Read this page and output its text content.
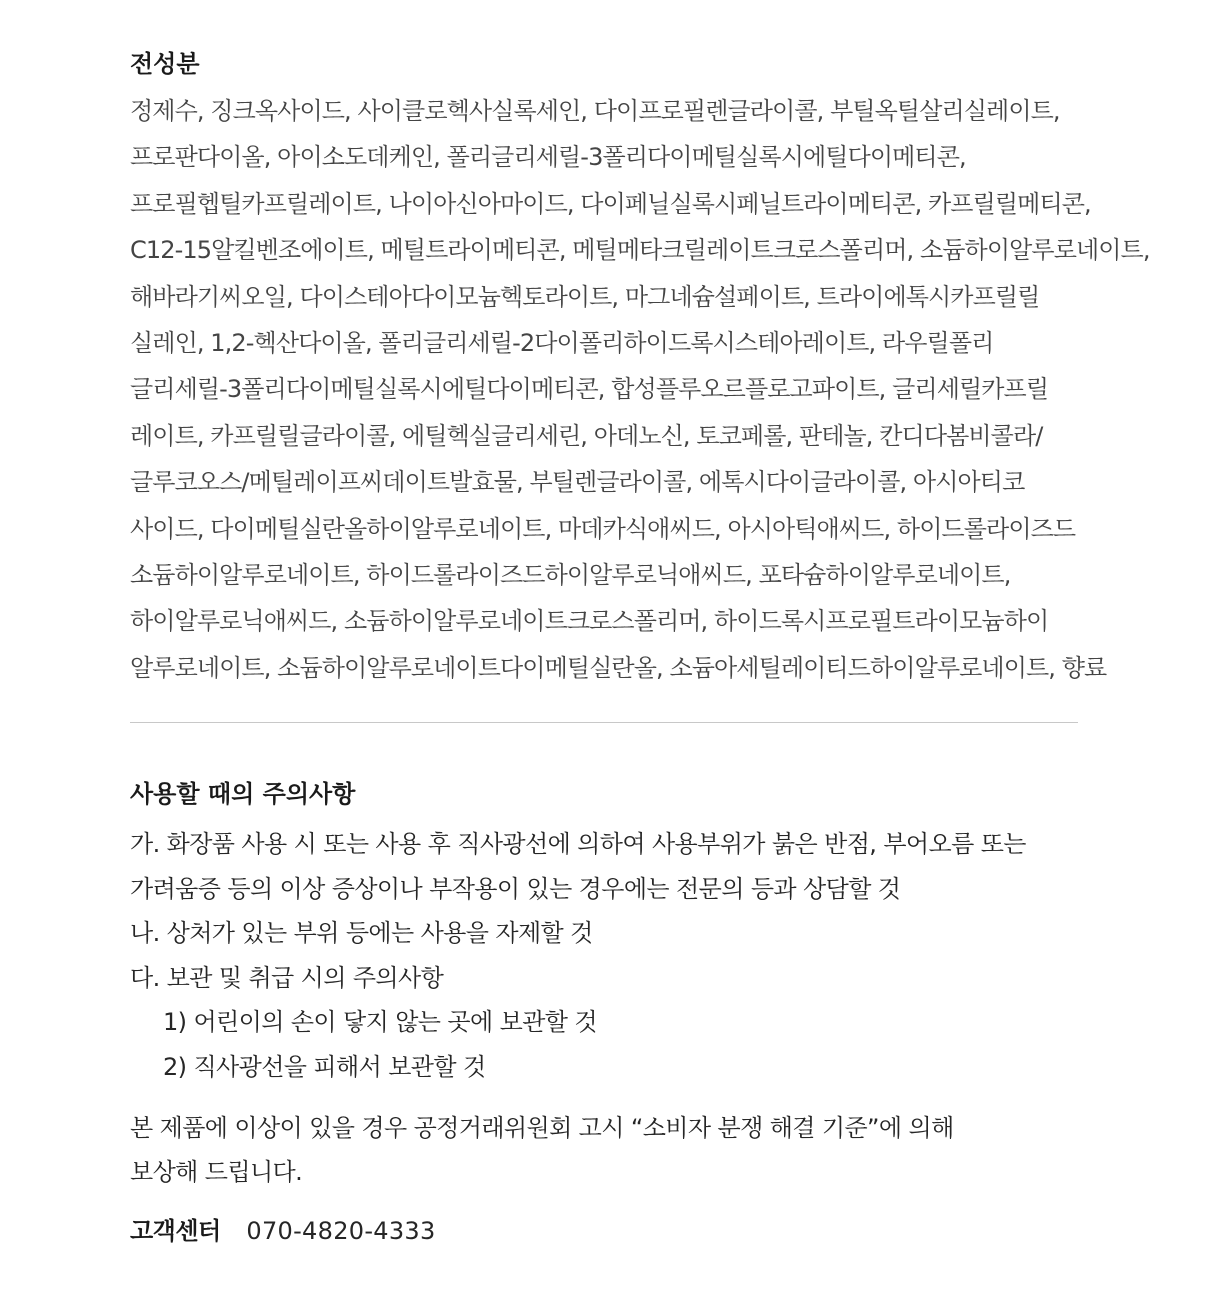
전성분
정제수, 징크옥사이드, 사이클로헥사실록세인, 다이프로필렌글라이콜, 부틸옥틸살리실레이트,
프로판다이올, 아이소도데케인, 폴리글리세릴-3폴리다이메틸실록시에틸다이메티콘,
프로필헵틸카프릴레이트, 나이아신아마이드, 다이페닐실록시페닐트라이메티콘, 카프릴릴메티콘,
C12-15알킬벤조에이트, 메틸트라이메티콘, 메틸메타크릴레이트크로스폴리머, 소듐하이알루로네이트,
해바라기씨오일, 다이스테아다이모늄헥토라이트, 마그네슘설페이트, 트라이에톡시카프릴릴
실레인, 1,2-헥산다이올, 폴리글리세릴-2다이폴리하이드록시스테아레이트, 라우릴폴리
글리세릴-3폴리다이메틸실록시에틸다이메티콘, 합성플루오르플로고파이트, 글리세릴카프릴
레이트, 카프릴릴글라이콜, 에틸헥실글리세린, 아데노신, 토코페롤, 판테놀, 칸디다봄비콜라/
글루코오스/메틸레이프씨데이트발효물, 부틸렌글라이콜, 에톡시다이글라이콜, 아시아티코
사이드, 다이메틸실란올하이알루로네이트, 마데카식애씨드, 아시아틱애씨드, 하이드롤라이즈드
소듐하이알루로네이트, 하이드롤라이즈드하이알루로닉애씨드, 포타슘하이알루로네이트,
하이알루로닉애씨드, 소듐하이알루로네이트크로스폴리머, 하이드록시프로필트라이모늄하이
알루로네이트, 소듐하이알루로네이트다이메틸실란올, 소듐아세틸레이티드하이알루로네이트, 향료
사용할 때의 주의사항
가. 화장품 사용 시 또는 사용 후 직사광선에 의하여 사용부위가 붉은 반점, 부어오름 또는
가려움증 등의 이상 증상이나 부작용이 있는 경우에는 전문의 등과 상담할 것
나. 상처가 있는 부위 등에는 사용을 자제할 것
다. 보관 및 취급 시의 주의사항
1) 어린이의 손이 닿지 않는 곳에 보관할 것
2) 직사광선을 피해서 보관할 것
본 제품에 이상이 있을 경우 공정거래위원회 고시 “소비자 분쟁 해결 기준”에 의해
보상해 드립니다.
고객센터 070-4820-4333
